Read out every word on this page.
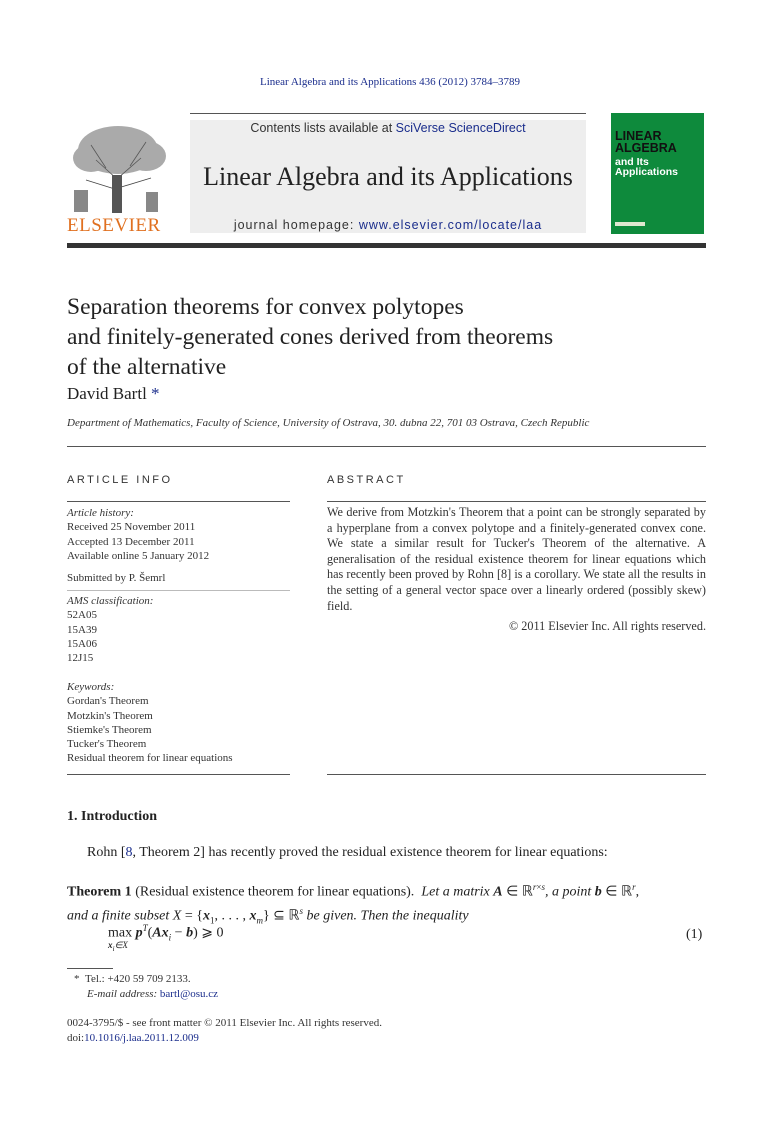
Linear Algebra and its Applications 436 (2012) 3784–3789
ELSEVIER
Contents lists available at SciVerse ScienceDirect
Linear Algebra and its Applications
journal homepage: www.elsevier.com/locate/laa
LINEAR
ALGEBRA
and Its
Applications
Separation theorems for convex polytopes
and finitely-generated cones derived from theorems
of the alternative
David Bartl *
Department of Mathematics, Faculty of Science, University of Ostrava, 30. dubna 22, 701 03 Ostrava, Czech Republic
ARTICLE INFO
Article history:
Received 25 November 2011
Accepted 13 December 2011
Available online 5 January 2012
Submitted by P. Šemrl
AMS classification:
52A05
15A39
15A06
12J15
Keywords:
Gordan's Theorem
Motzkin's Theorem
Stiemke's Theorem
Tucker's Theorem
Residual theorem for linear equations
ABSTRACT
We derive from Motzkin's Theorem that a point can be strongly separated by a hyperplane from a convex polytope and a finitely-generated convex cone. We state a similar result for Tucker's Theorem of the alternative. A generalisation of the residual existence theorem for linear equations which has recently been proved by Rohn [8] is a corollary. We state all the results in the setting of a general vector space over a linearly ordered (possibly skew) field.
© 2011 Elsevier Inc. All rights reserved.
1. Introduction
Rohn [8, Theorem 2] has recently proved the residual existence theorem for linear equations:
Theorem 1 (Residual existence theorem for linear equations). Let a matrix A ∈ ℝ$^{r\times s}$, a point b ∈ ℝ$^r$,
and a finite subset $X = \{x_1$, . . . , $x_m$} ⊆ ℝ$^s$ be given. Then the inequality
$\max p^T(Ax_i - b)$ ⩾ 0
$x_i\in X$
(1)
* Tel.: +420 59 709 2133.
E-mail address: bartl@osu.cz
0024-3795/$ - see front matter © 2011 Elsevier Inc. All rights reserved.
doi:10.1016/j.laa.2011.12.009
